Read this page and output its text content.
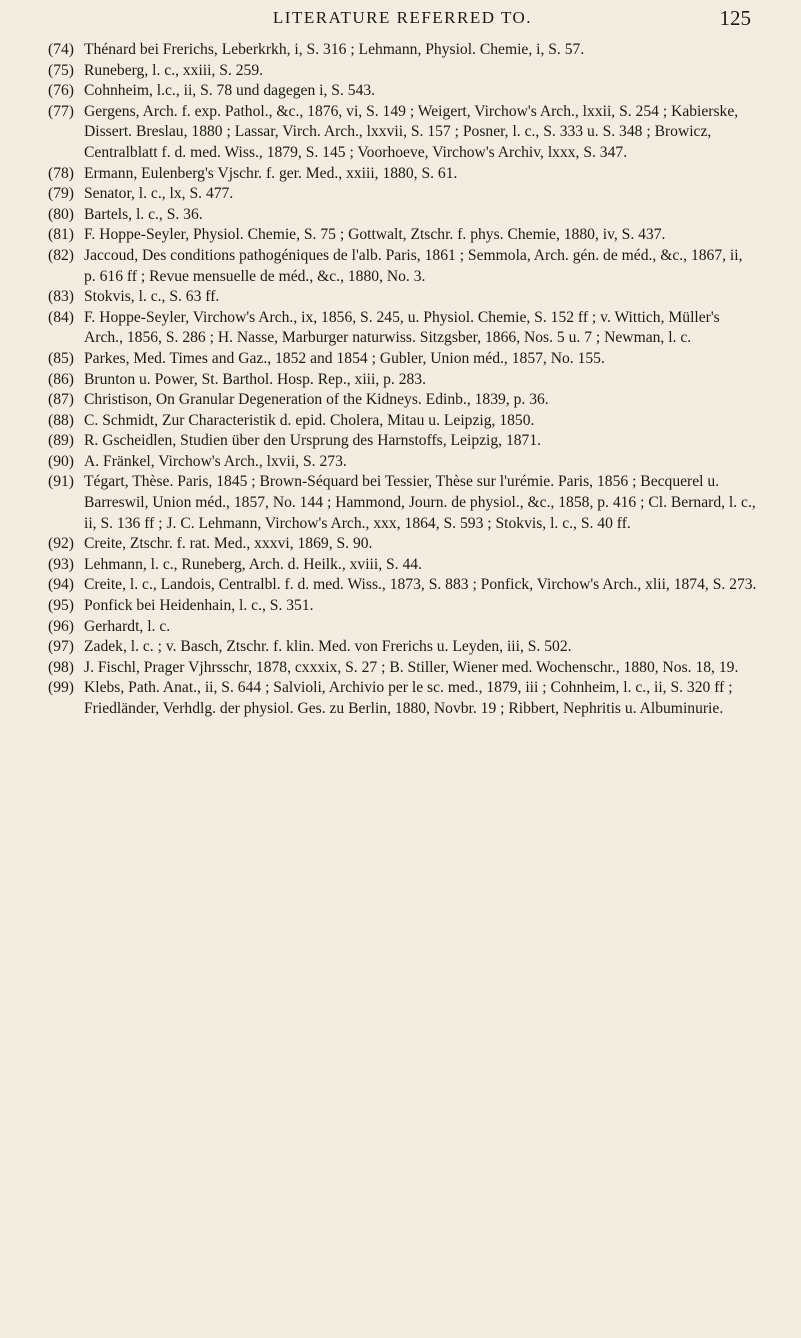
LITERATURE REFERRED TO.	125
(74) Thénard bei Frerichs, Leberkrkh, i, S. 316 ; Lehmann, Physiol. Chemie, i, S. 57.
(75) Runeberg, l. c., xxiii, S. 259.
(76) Cohnheim, l.c., ii, S. 78 und dagegen i, S. 543.
(77) Gergens, Arch. f. exp. Pathol., &c., 1876, vi, S. 149 ; Weigert, Virchow's Arch., lxxii, S. 254 ; Kabierske, Dissert. Breslau, 1880 ; Lassar, Virch. Arch., lxxvii, S. 157 ; Posner, l. c., S. 333 u. S. 348 ; Browicz, Centralblatt f. d. med. Wiss., 1879, S. 145 ; Voorhoeve, Virchow's Archiv, lxxx, S. 347.
(78) Ermann, Eulenberg's Vjschr. f. ger. Med., xxiii, 1880, S. 61.
(79) Senator, l. c., lx, S. 477.
(80) Bartels, l. c., S. 36.
(81) F. Hoppe-Seyler, Physiol. Chemie, S. 75 ; Gottwalt, Ztschr. f. phys. Chemie, 1880, iv, S. 437.
(82) Jaccoud, Des conditions pathogéniques de l'alb. Paris, 1861 ; Semmola, Arch. gén. de méd., &c., 1867, ii, p. 616 ff ; Revue mensuelle de méd., &c., 1880, No. 3.
(83) Stokvis, l. c., S. 63 ff.
(84) F. Hoppe-Seyler, Virchow's Arch., ix, 1856, S. 245, u. Physiol. Chemie, S. 152 ff ; v. Wittich, Müller's Arch., 1856, S. 286 ; H. Nasse, Marburger naturwiss. Sitzgsber, 1866, Nos. 5 u. 7 ; Newman, l. c.
(85) Parkes, Med. Times and Gaz., 1852 and 1854 ; Gubler, Union méd., 1857, No. 155.
(86) Brunton u. Power, St. Barthol. Hosp. Rep., xiii, p. 283.
(87) Christison, On Granular Degeneration of the Kidneys. Edinb., 1839, p. 36.
(88) C. Schmidt, Zur Characteristik d. epid. Cholera, Mitau u. Leipzig, 1850.
(89) R. Gscheidlen, Studien über den Ursprung des Harnstoffs, Leipzig, 1871.
(90) A. Fränkel, Virchow's Arch., lxvii, S. 273.
(91) Tégart, Thèse. Paris, 1845 ; Brown-Séquard bei Tessier, Thèse sur l'urémie. Paris, 1856 ; Becquerel u. Barreswil, Union méd., 1857, No. 144 ; Hammond, Journ. de physiol., &c., 1858, p. 416 ; Cl. Bernard, l. c., ii, S. 136 ff ; J. C. Lehmann, Virchow's Arch., xxx, 1864, S. 593 ; Stokvis, l. c., S. 40 ff.
(92) Creite, Ztschr. f. rat. Med., xxxvi, 1869, S. 90.
(93) Lehmann, l. c., Runeberg, Arch. d. Heilk., xviii, S. 44.
(94) Creite, l. c., Landois, Centralbl. f. d. med. Wiss., 1873, S. 883 ; Ponfick, Virchow's Arch., xlii, 1874, S. 273.
(95) Ponfick bei Heidenhain, l. c., S. 351.
(96) Gerhardt, l. c.
(97) Zadek, l. c. ; v. Basch, Ztschr. f. klin. Med. von Frerichs u. Leyden, iii, S. 502.
(98) J. Fischl, Prager Vjhrsschr, 1878, cxxxix, S. 27 ; B. Stiller, Wiener med. Wochenschr., 1880, Nos. 18, 19.
(99) Klebs, Path. Anat., ii, S. 644 ; Salvioli, Archivio per le sc. med., 1879, iii ; Cohnheim, l. c., ii, S. 320 ff ; Friedländer, Verhdlg. der physiol. Ges. zu Berlin, 1880, Novbr. 19 ; Ribbert, Nephritis u. Albuminurie.
